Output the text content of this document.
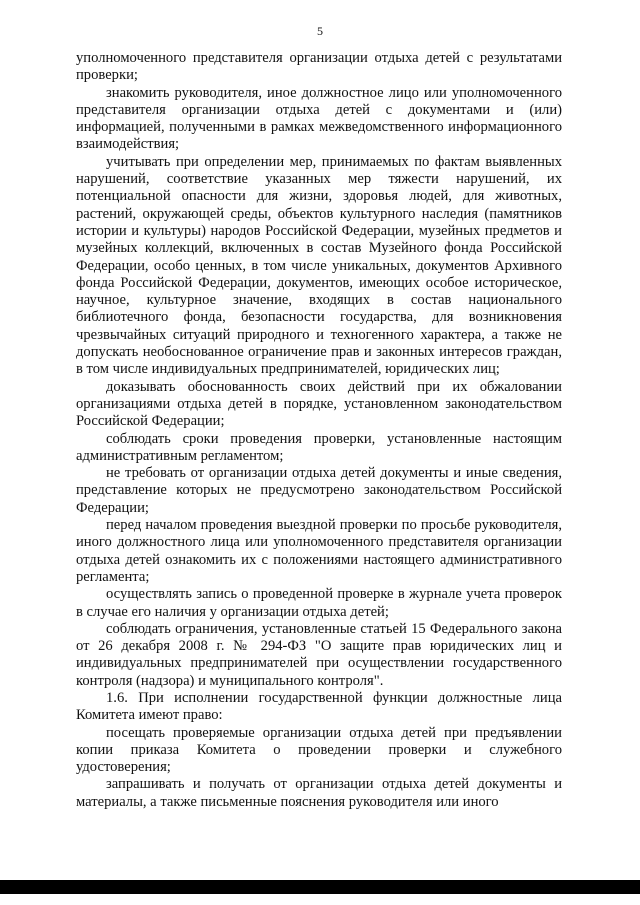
5

уполномоченного представителя организации отдыха детей с результатами проверки;

знакомить руководителя, иное должностное лицо или уполномоченного представителя организации отдыха детей с документами и (или) информацией, полученными в рамках межведомственного информационного взаимодействия;

учитывать при определении мер, принимаемых по фактам выявленных нарушений, соответствие указанных мер тяжести нарушений, их потенциальной опасности для жизни, здоровья людей, для животных, растений, окружающей среды, объектов культурного наследия (памятников истории и культуры) народов Российской Федерации, музейных предметов и музейных коллекций, включенных в состав Музейного фонда Российской Федерации, особо ценных, в том числе уникальных, документов Архивного фонда Российской Федерации, документов, имеющих особое историческое, научное, культурное значение, входящих в состав национального библиотечного фонда, безопасности государства, для возникновения чрезвычайных ситуаций природного и техногенного характера, а также не допускать необоснованное ограничение прав и законных интересов граждан, в том числе индивидуальных предпринимателей, юридических лиц;

доказывать обоснованность своих действий при их обжаловании организациями отдыха детей в порядке, установленном законодательством Российской Федерации;

соблюдать сроки проведения проверки, установленные настоящим административным регламентом;

не требовать от организации отдыха детей документы и иные сведения, представление которых не предусмотрено законодательством Российской Федерации;

перед началом проведения выездной проверки по просьбе руководителя, иного должностного лица или уполномоченного представителя организации отдыха детей ознакомить их с положениями настоящего административного регламента;

осуществлять запись о проведенной проверке в журнале учета проверок в случае его наличия у организации отдыха детей;

соблюдать ограничения, установленные статьей 15 Федерального закона от 26 декабря 2008 г. № 294-ФЗ "О защите прав юридических лиц и индивидуальных предпринимателей при осуществлении государственного контроля (надзора) и муниципального контроля".

1.6. При исполнении государственной функции должностные лица Комитета имеют право:

посещать проверяемые организации отдыха детей при предъявлении копии приказа Комитета о проведении проверки и служебного удостоверения;

запрашивать и получать от организации отдыха детей документы и материалы, а также письменные пояснения руководителя или иного
